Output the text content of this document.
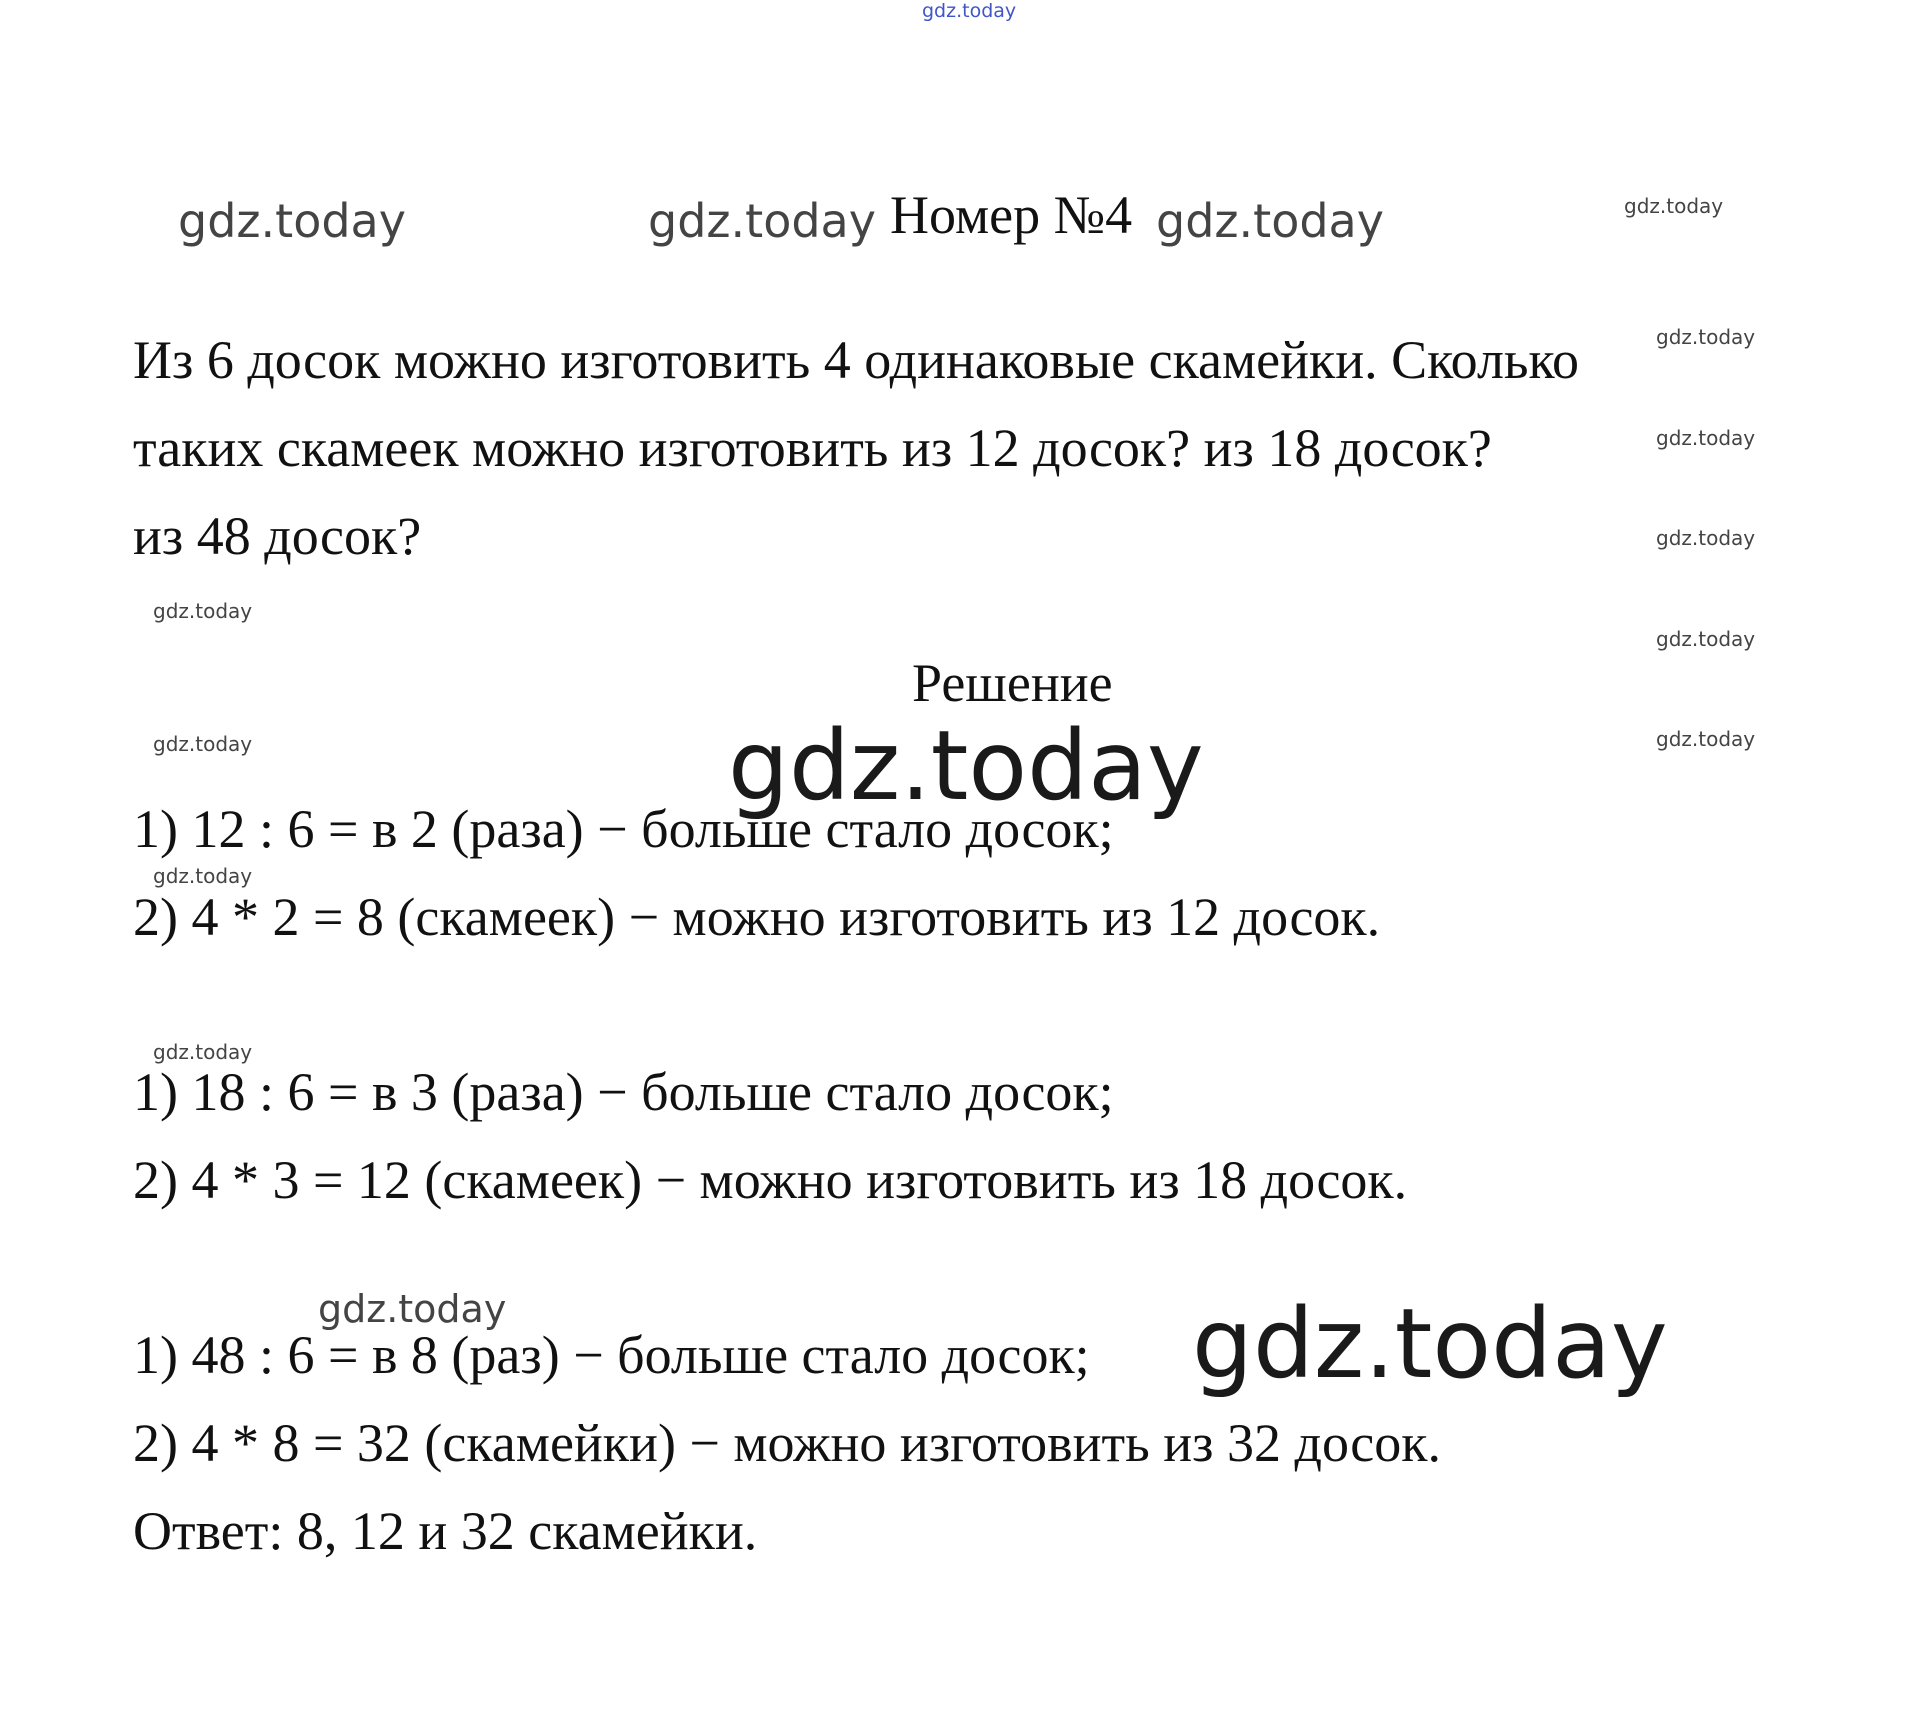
gdz.today
gdz.today	gdz.today	gdz.today	gdz.today
gdz.today
gdz.today
gdz.today
gdz.today
gdz.today
gdz.today
gdz.today
gdz.today
gdz.today
gdz.today
gdz.today	gdz.today
Номер №4
Из 6 досок можно изготовить 4 одинаковые скамейки. Сколько
таких скамеек можно изготовить из 12 досок? из 18 досок?
из 48 досок?
Решение
1) 12 : 6 = в 2 (раза) − больше стало досок;
2) 4 * 2 = 8 (скамеек) − можно изготовить из 12 досок.
1) 18 : 6 = в 3 (раза) − больше стало досок;
2) 4 * 3 = 12 (скамеек) − можно изготовить из 18 досок.
1) 48 : 6 = в 8 (раз) − больше стало досок;
2) 4 * 8 = 32 (скамейки) − можно изготовить из 32 досок.
Ответ: 8, 12 и 32 скамейки.
